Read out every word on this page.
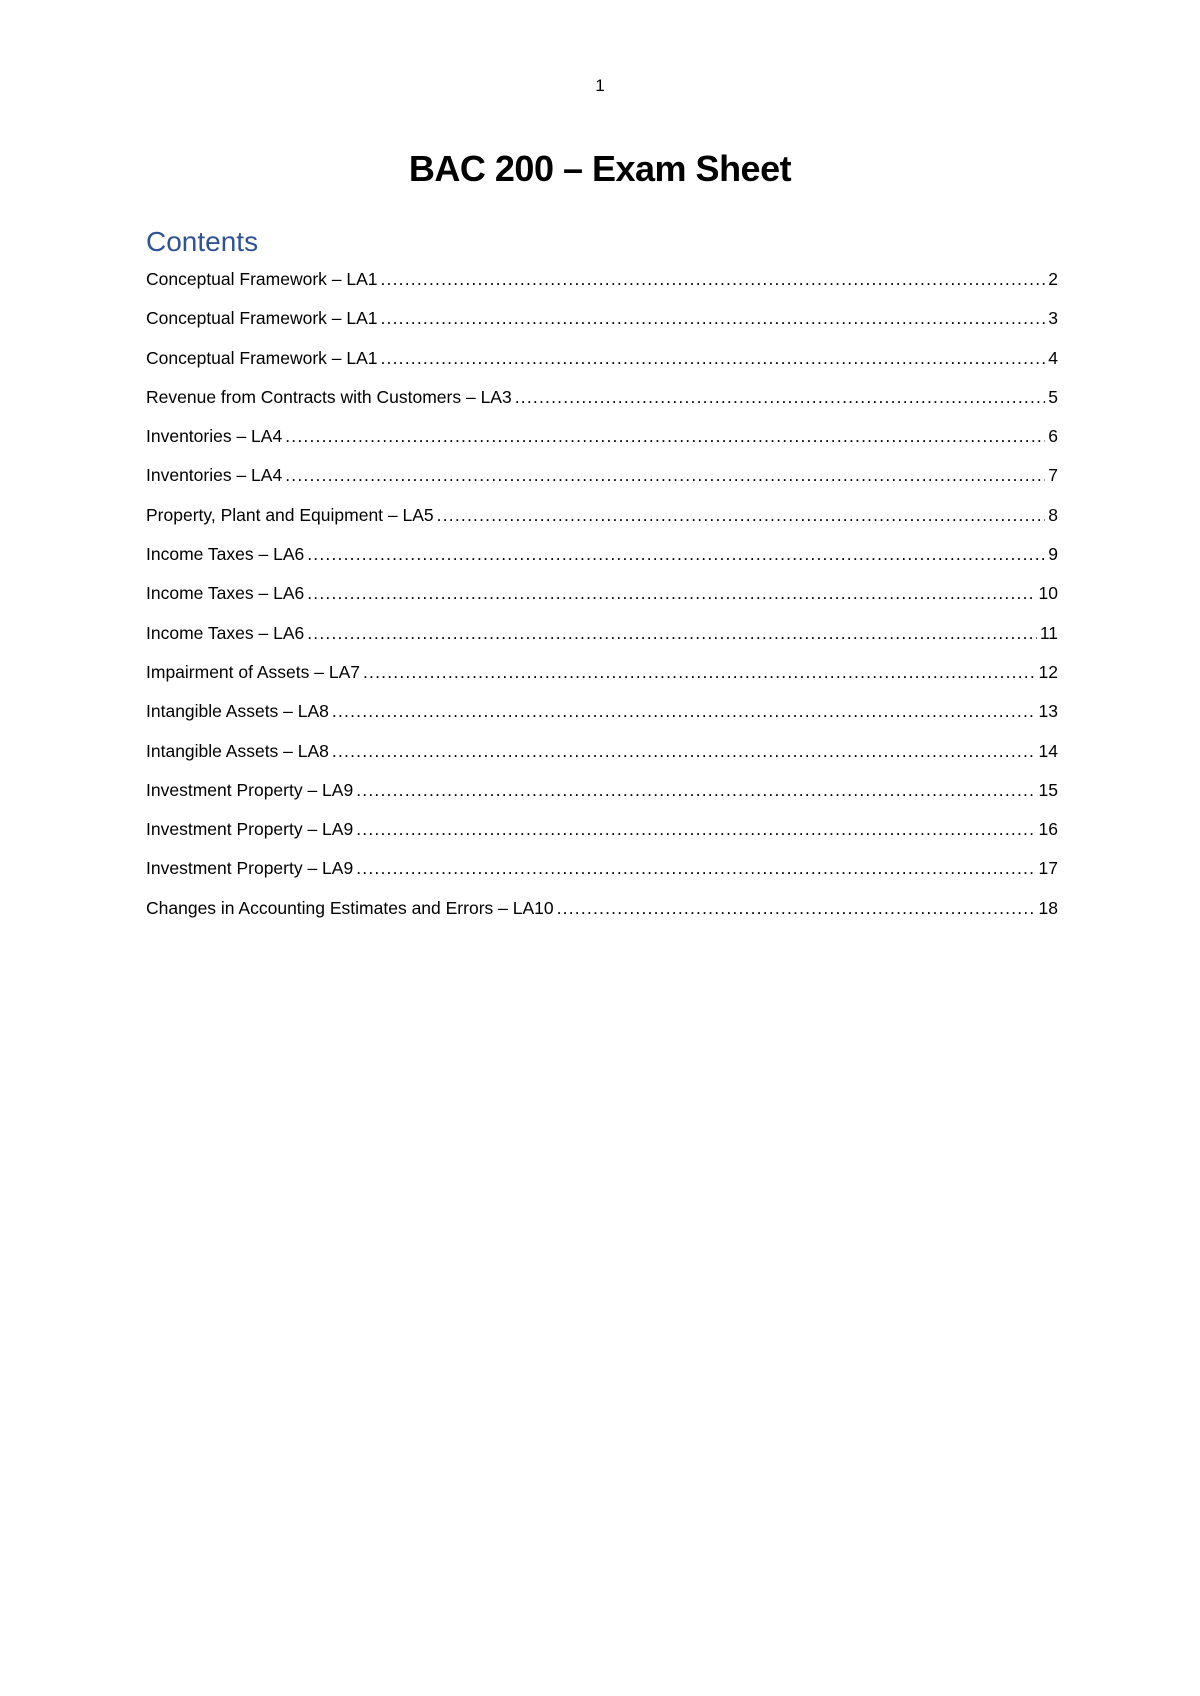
1
BAC 200 – Exam Sheet
Contents
Conceptual Framework – LA1 .....	2
Conceptual Framework – LA1 .....	3
Conceptual Framework – LA1 .....	4
Revenue from Contracts with Customers – LA3 .....	5
Inventories – LA4 .....	6
Inventories – LA4 .....	7
Property, Plant and Equipment – LA5 .....	8
Income Taxes – LA6 .....	9
Income Taxes – LA6 .....	10
Income Taxes – LA6 .....	11
Impairment of Assets – LA7 .....	12
Intangible Assets – LA8 .....	13
Intangible Assets – LA8 .....	14
Investment Property – LA9 .....	15
Investment Property – LA9 .....	16
Investment Property – LA9 .....	17
Changes in Accounting Estimates and Errors – LA10 .....	18
